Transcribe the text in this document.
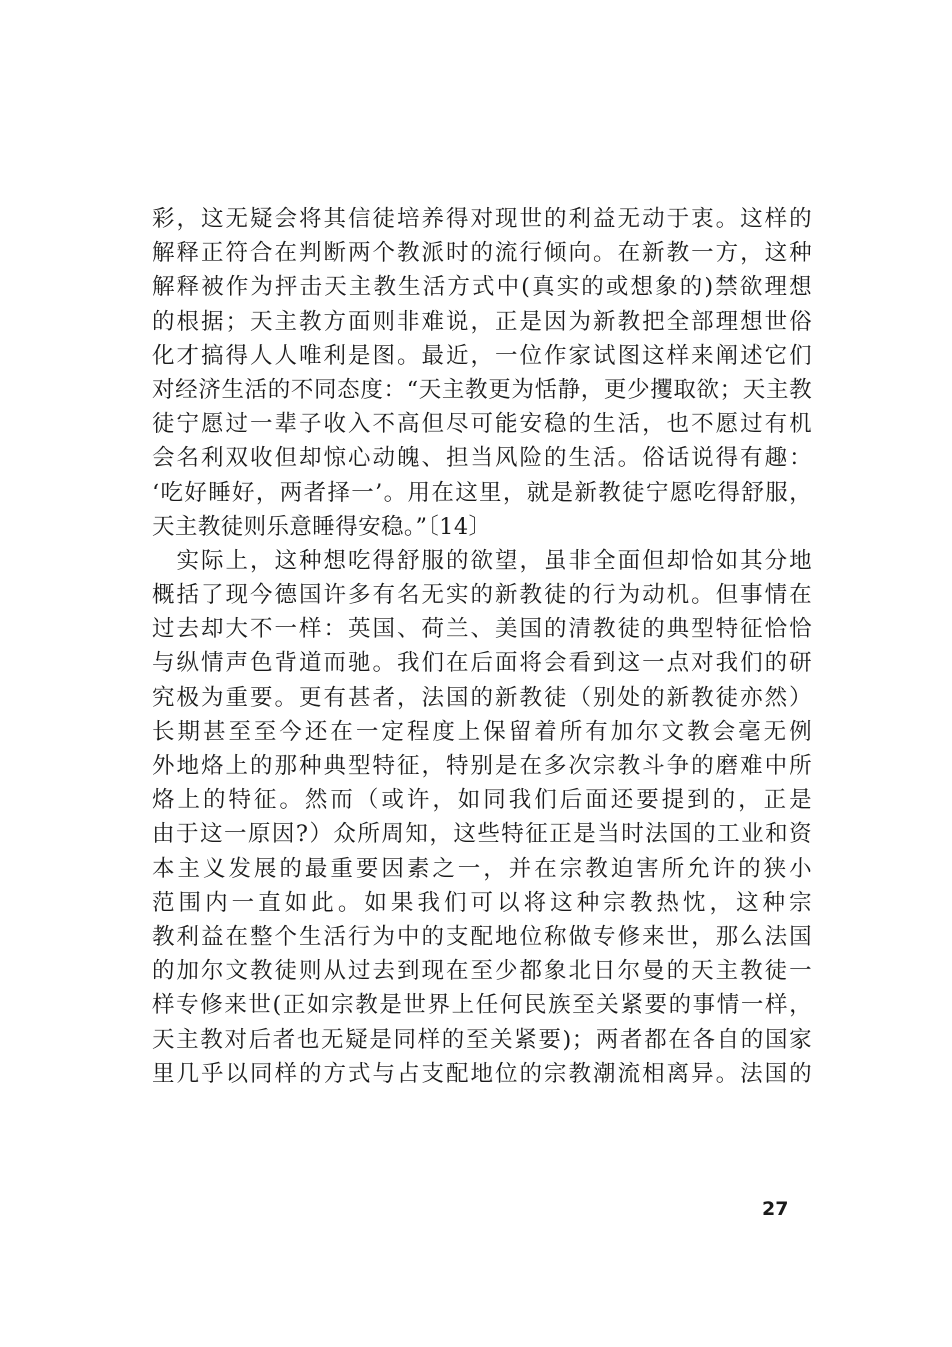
彩，这无疑会将其信徒培养得对现世的利益无动于衷。这样的
解释正符合在判断两个教派时的流行倾向。在新教一方，这种
解释被作为抨击天主教生活方式中(真实的或想象的)禁欲理想
的根据；天主教方面则非难说，正是因为新教把全部理想世俗
化才搞得人人唯利是图。最近，一位作家试图这样来阐述它们
对经济生活的不同态度：“天主教更为恬静，更少攫取欲；天主教
徒宁愿过一辈子收入不高但尽可能安稳的生活，也不愿过有机
会名利双收但却惊心动魄、担当风险的生活。俗话说得有趣：
‘吃好睡好，两者择一’。用在这里，就是新教徒宁愿吃得舒服，
天主教徒则乐意睡得安稳。”〔14〕
　实际上，这种想吃得舒服的欲望，虽非全面但却恰如其分地
概括了现今德国许多有名无实的新教徒的行为动机。但事情在
过去却大不一样：英国、荷兰、美国的清教徒的典型特征恰恰
与纵情声色背道而驰。我们在后面将会看到这一点对我们的研
究极为重要。更有甚者，法国的新教徒（别处的新教徒亦然）
长期甚至至今还在一定程度上保留着所有加尔文教会毫无例
外地烙上的那种典型特征，特别是在多次宗教斗争的磨难中所
烙上的特征。然而（或许，如同我们后面还要提到的，正是
由于这一原因?）众所周知，这些特征正是当时法国的工业和资
本主义发展的最重要因素之一，并在宗教迫害所允许的狭小
范围内一直如此。如果我们可以将这种宗教热忱，这种宗
教利益在整个生活行为中的支配地位称做专修来世，那么法国
的加尔文教徒则从过去到现在至少都象北日尔曼的天主教徒一
样专修来世(正如宗教是世界上任何民族至关紧要的事情一样，
天主教对后者也无疑是同样的至关紧要)；两者都在各自的国家
里几乎以同样的方式与占支配地位的宗教潮流相离异。法国的
27
